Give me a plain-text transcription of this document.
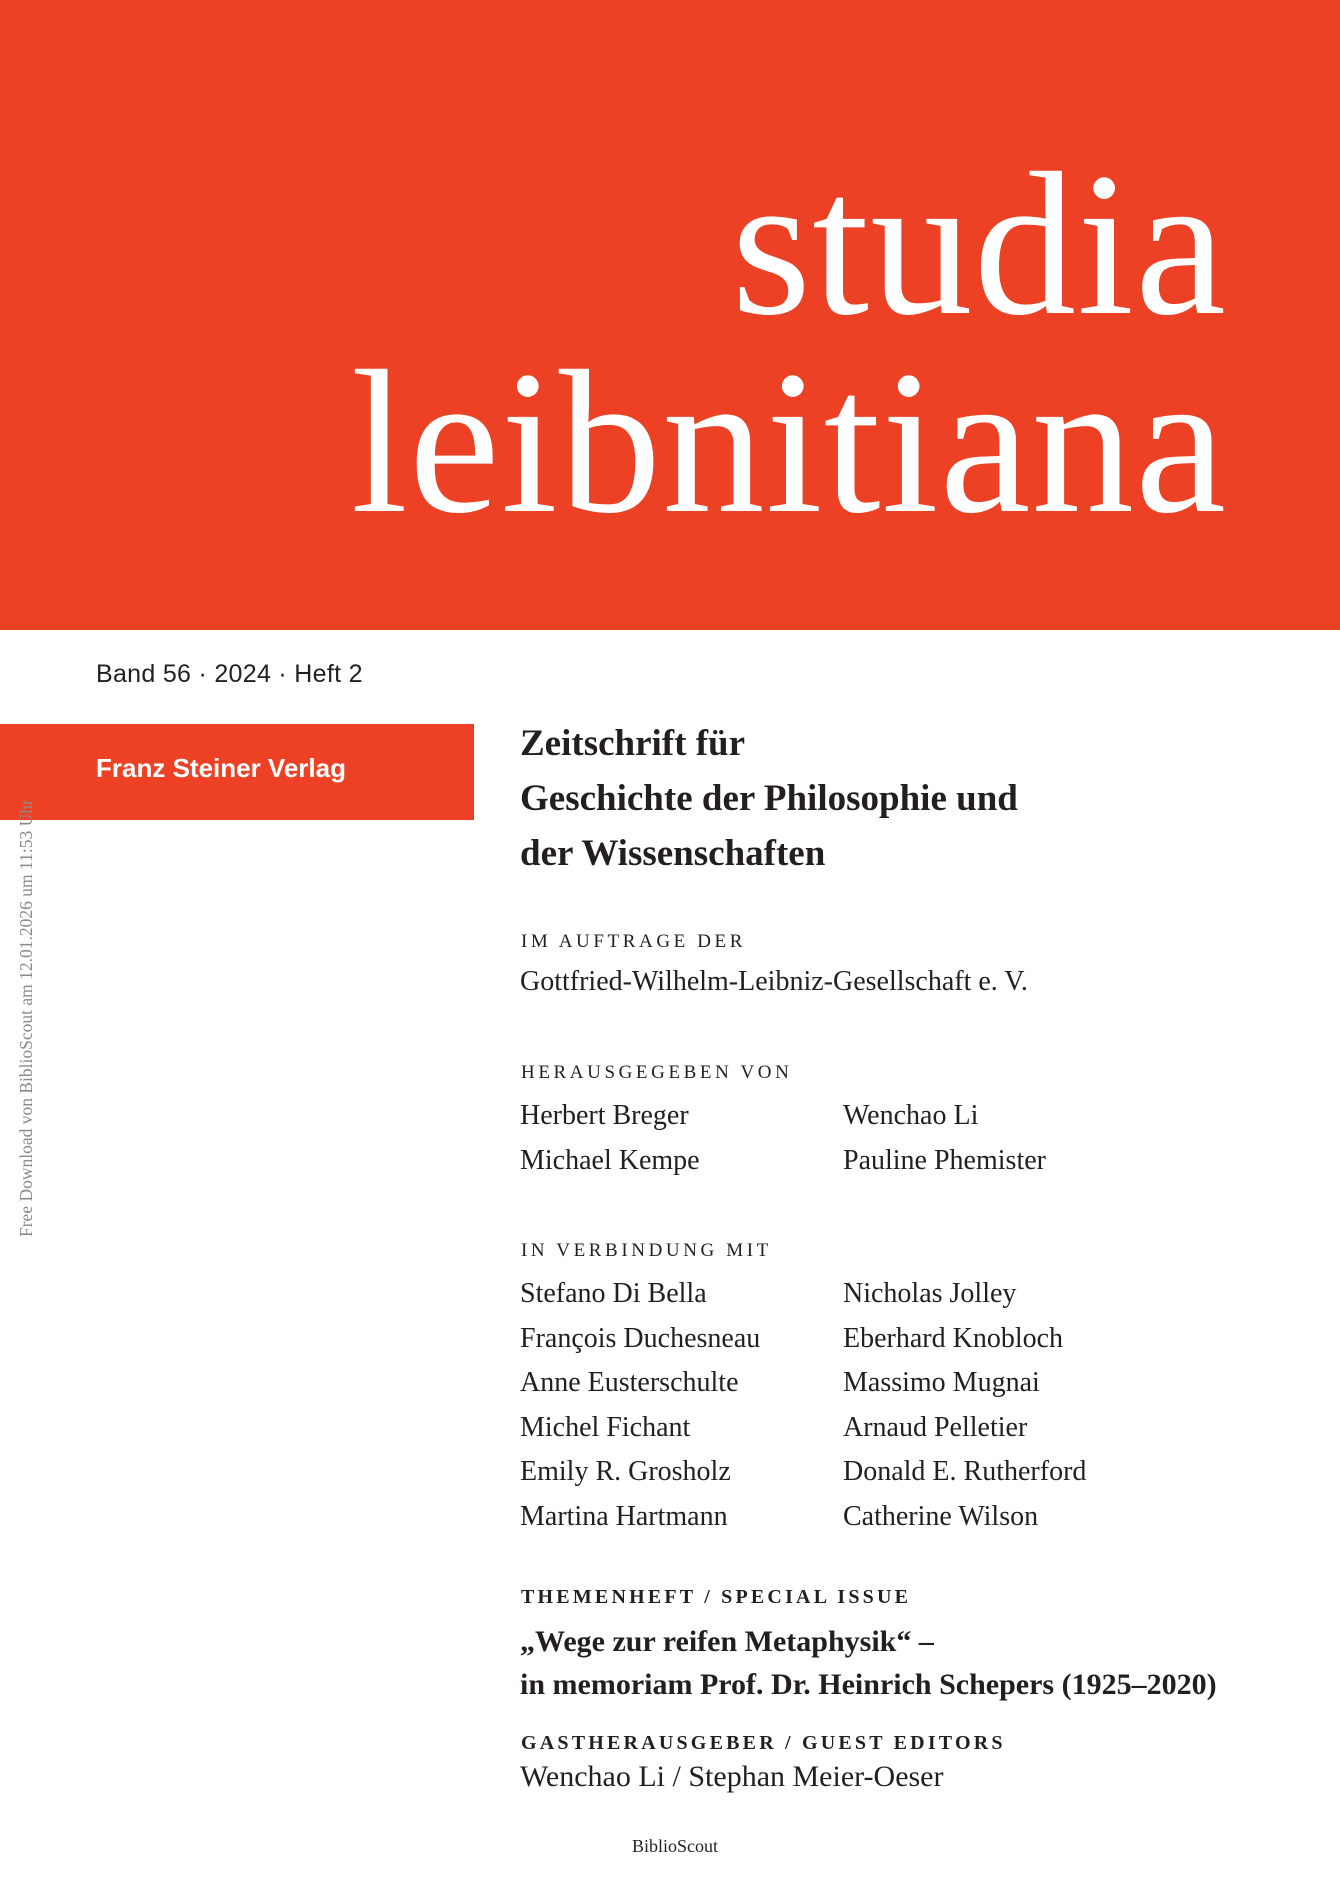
studia
leibnitiana
Band 56 · 2024 · Heft 2
Franz Steiner Verlag
Free Download von BiblioScout am 12.01.2026 um 11:53 Uhr
Zeitschrift für
Geschichte der Philosophie und
der Wissenschaften
IM AUFTRAGE DER
Gottfried-Wilhelm-Leibniz-Gesellschaft e. V.
HERAUSGEGEBEN VON
Herbert Breger	Wenchao Li
Michael Kempe	Pauline Phemister
IN VERBINDUNG MIT
Stefano Di Bella	Nicholas Jolley
François Duchesneau	Eberhard Knobloch
Anne Eusterschulte	Massimo Mugnai
Michel Fichant	Arnaud Pelletier
Emily R. Grosholz	Donald E. Rutherford
Martina Hartmann	Catherine Wilson
THEMENHEFT / SPECIAL ISSUE
„Wege zur reifen Metaphysik“ –
in memoriam Prof. Dr. Heinrich Schepers (1925–2020)
GASTHERAUSGEBER / GUEST EDITORS
Wenchao Li / Stephan Meier-Oeser
BiblioScout
